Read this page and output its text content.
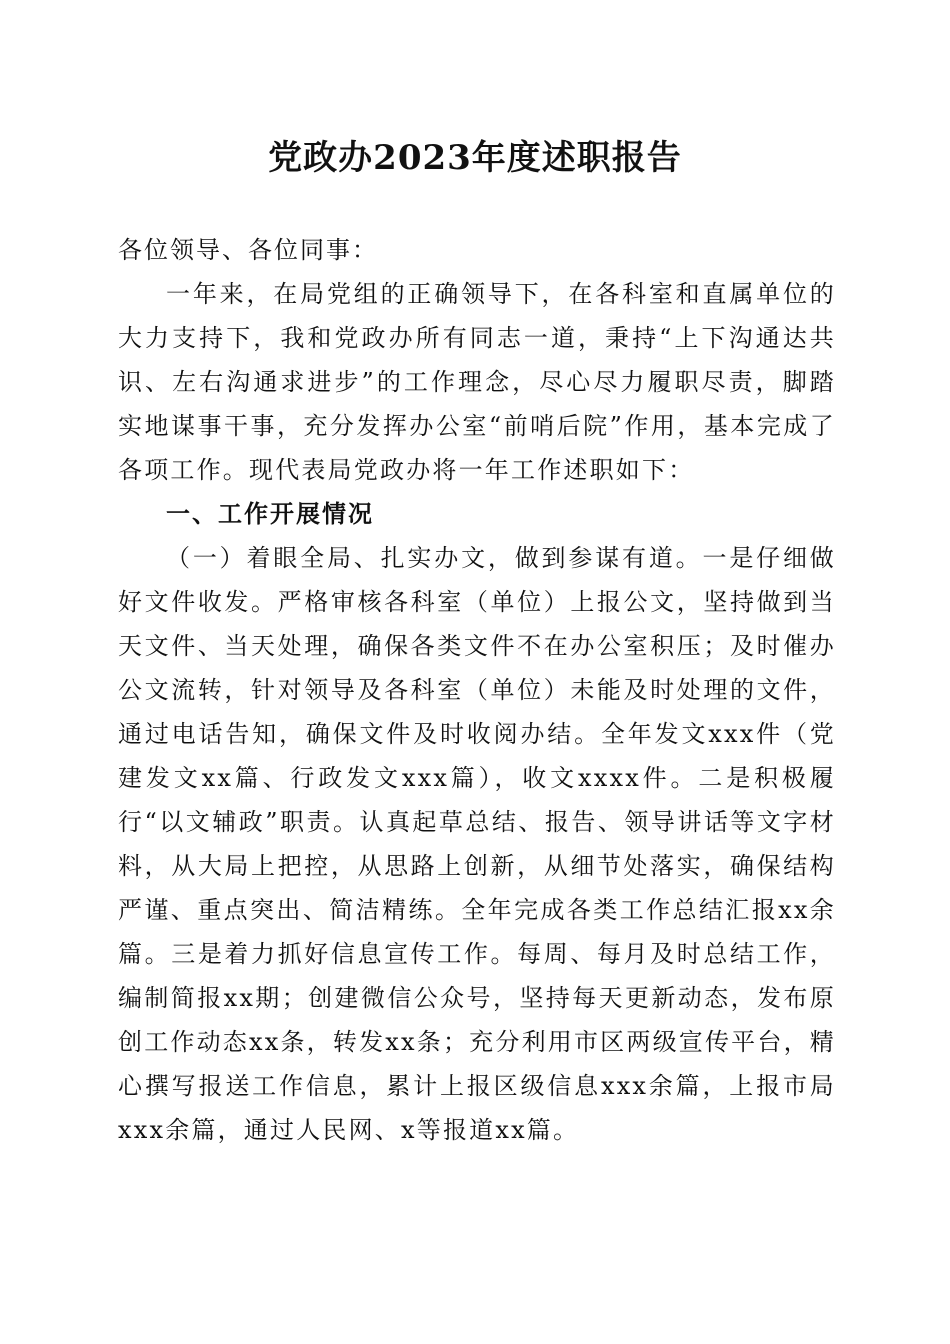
党政办2023年度述职报告

各位领导、各位同事：

一年来，在局党组的正确领导下，在各科室和直属单位的大力支持下，我和党政办所有同志一道，秉持“上下沟通达共识、左右沟通求进步”的工作理念，尽心尽力履职尽责，脚踏实地谋事干事，充分发挥办公室“前哨后院”作用，基本完成了各项工作。现代表局党政办将一年工作述职如下：

一、工作开展情况

（一）着眼全局、扎实办文，做到参谋有道。一是仔细做好文件收发。严格审核各科室（单位）上报公文，坚持做到当天文件、当天处理，确保各类文件不在办公室积压；及时催办公文流转，针对领导及各科室（单位）未能及时处理的文件，通过电话告知，确保文件及时收阅办结。全年发文xxx件（党建发文xx篇、行政发文xxx篇），收文xxxx件。二是积极履行“以文辅政”职责。认真起草总结、报告、领导讲话等文字材料，从大局上把控，从思路上创新，从细节处落实，确保结构严谨、重点突出、简洁精练。全年完成各类工作总结汇报xx余篇。三是着力抓好信息宣传工作。每周、每月及时总结工作，编制简报xx期；创建微信公众号，坚持每天更新动态，发布原创工作动态xx条，转发xx条；充分利用市区两级宣传平台，精心撰写报送工作信息，累计上报区级信息xxx余篇，上报市局xxx余篇，通过人民网、x等报道xx篇。
